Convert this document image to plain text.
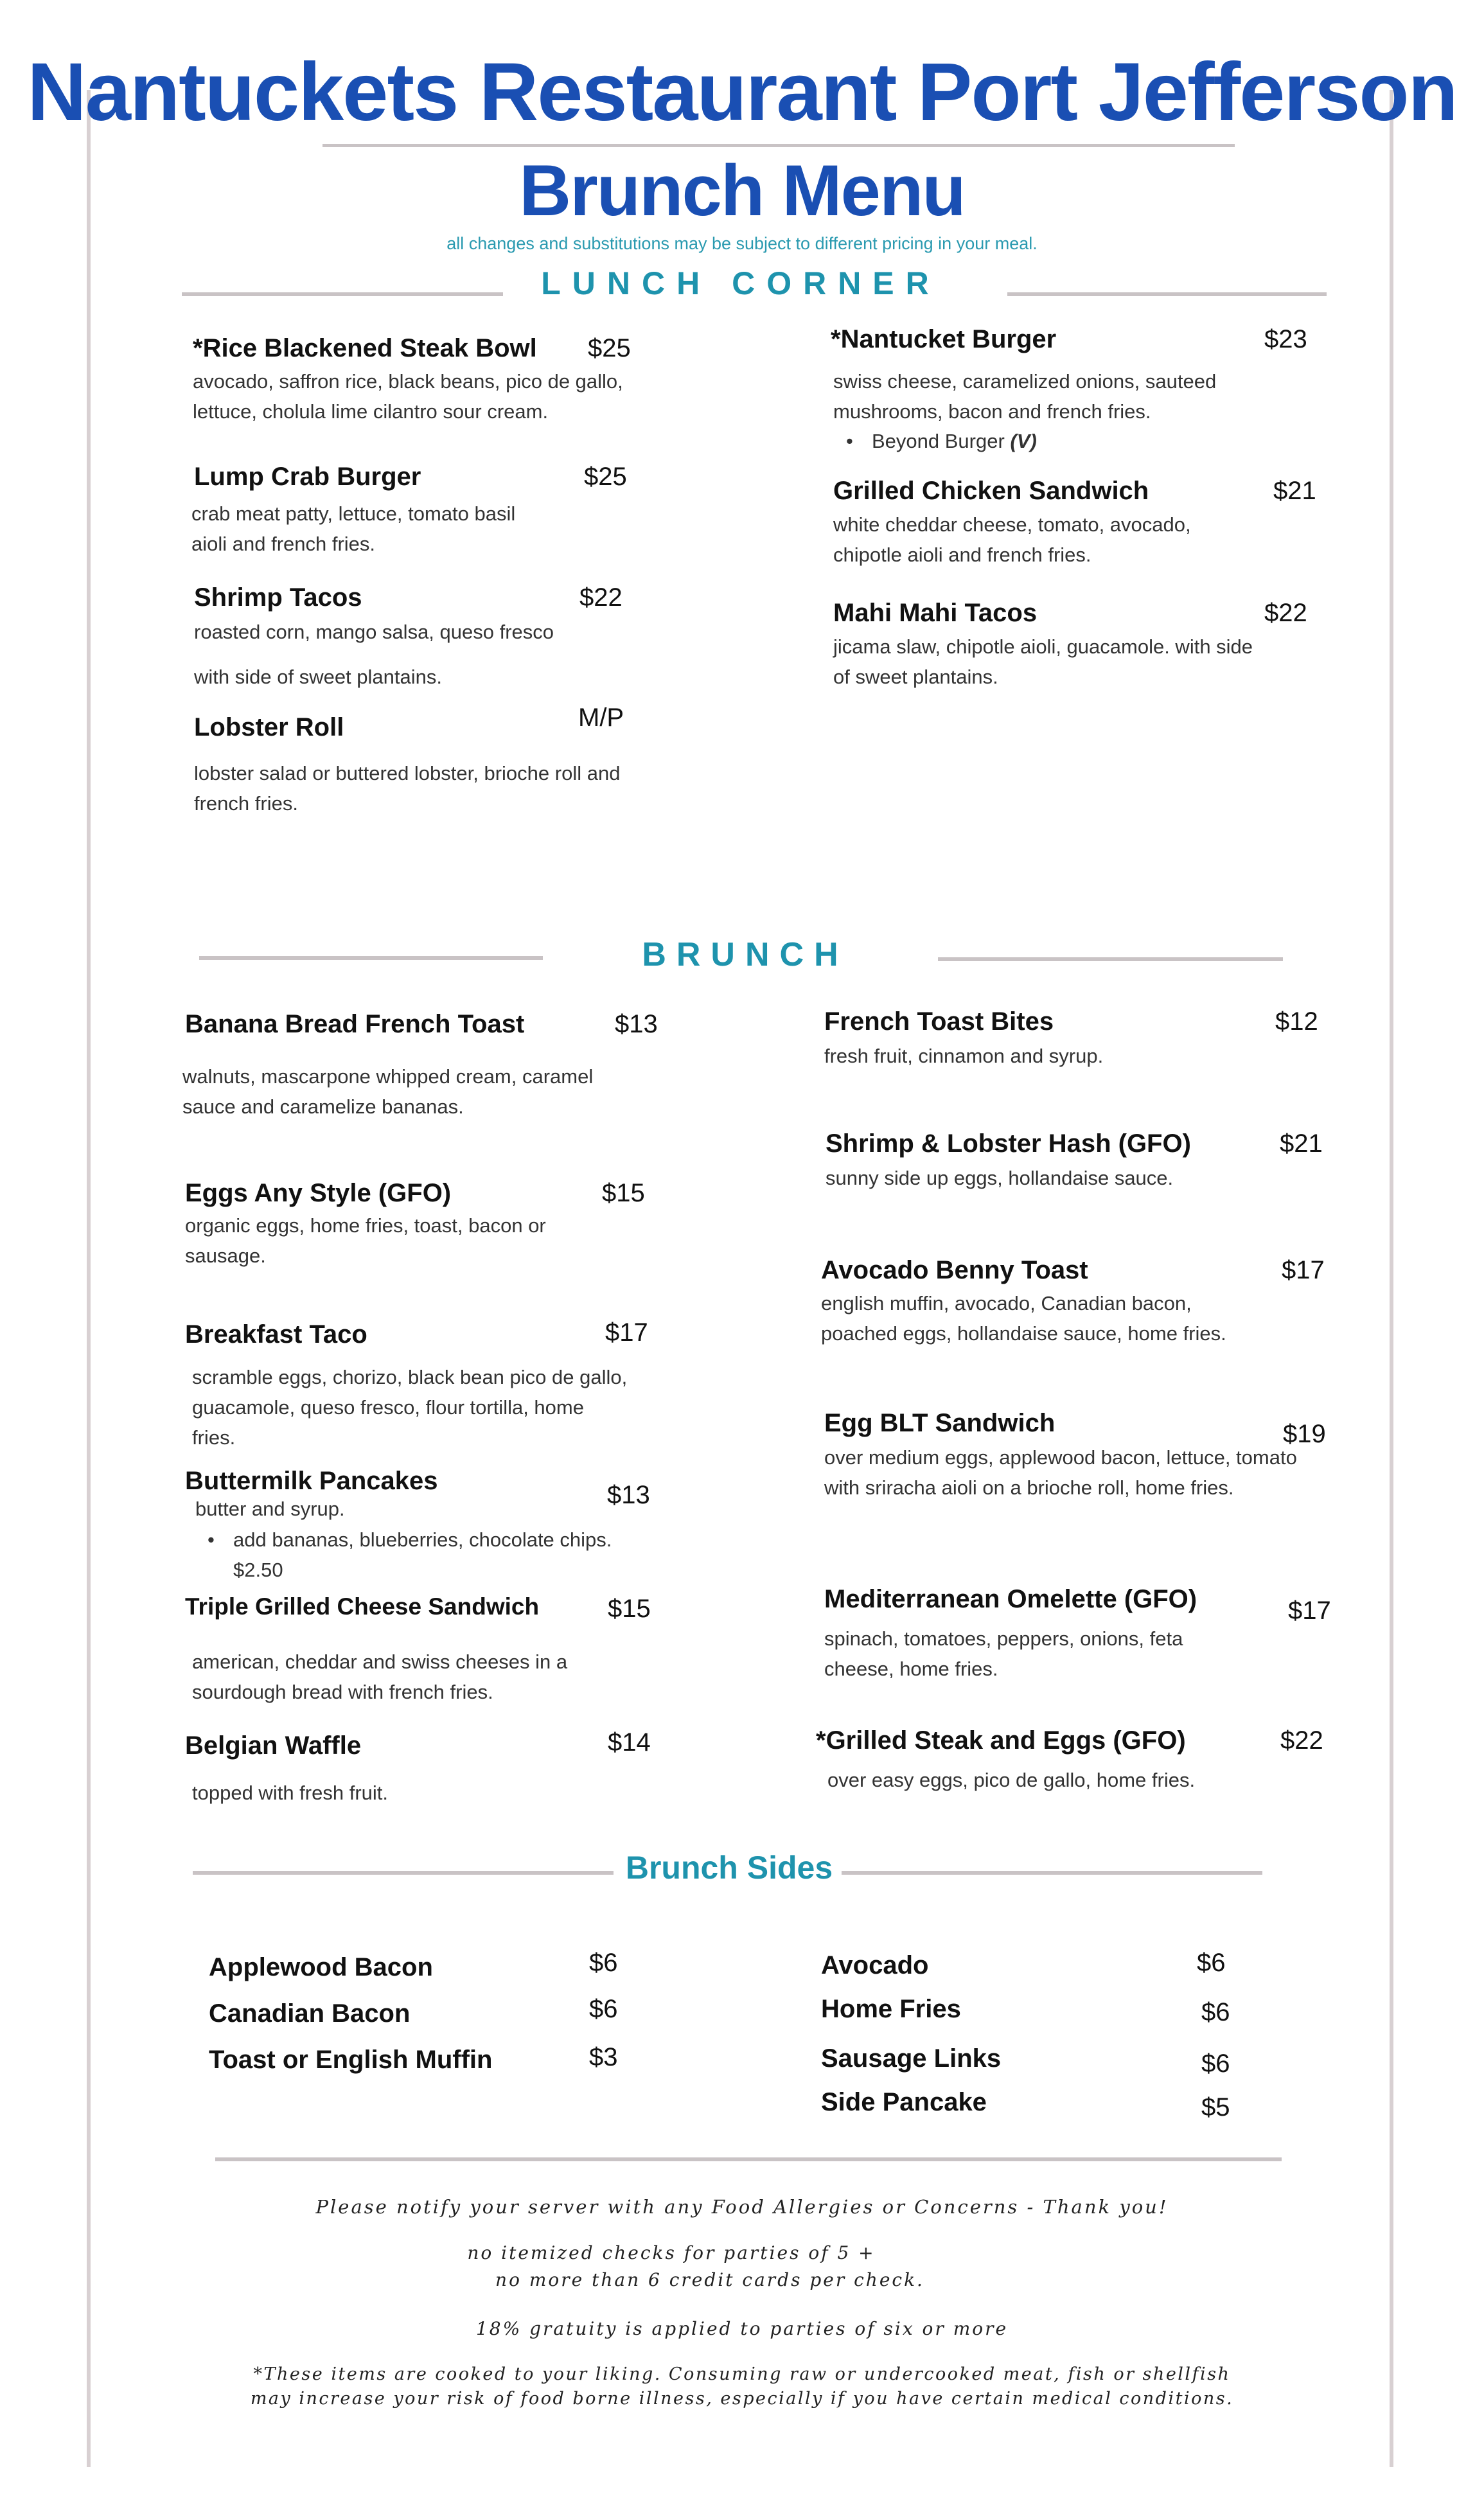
Nantuckets Restaurant Port Jefferson
Brunch Menu
all changes and substitutions may be subject to different pricing in your meal.
LUNCH CORNER
*Rice Blackened Steak Bowl $25
avocado, saffron rice, black beans, pico de gallo, lettuce, cholula lime cilantro sour cream.
Lump Crab Burger	$25
crab meat patty, lettuce, tomato basil aioli and french fries.
Shrimp Tacos	$22
roasted corn, mango salsa, queso fresco
with side of sweet plantains.
Lobster Roll	M/P
lobster salad or buttered lobster, brioche roll and french fries.
*Nantucket Burger	$23
swiss cheese, caramelized onions, sauteed mushrooms, bacon and french fries.
• Beyond Burger (V)
Grilled Chicken Sandwich	$21
white cheddar cheese, tomato, avocado, chipotle aioli and french fries.
Mahi Mahi Tacos	$22
jicama slaw, chipotle aioli, guacamole. with side of sweet plantains.
BRUNCH
Banana Bread French Toast	$13
walnuts, mascarpone whipped cream, caramel sauce and caramelize bananas.
Eggs Any Style (GFO)	$15
organic eggs, home fries, toast, bacon or sausage.
Breakfast Taco	$17
scramble eggs, chorizo, black bean pico de gallo, guacamole, queso fresco, flour tortilla, home fries.
Buttermilk Pancakes	$13
butter and syrup.
• add bananas, blueberries, chocolate chips.
$2.50
Triple Grilled Cheese Sandwich	$15
american, cheddar and swiss cheeses in a sourdough bread with french fries.
Belgian Waffle	$14
topped with fresh fruit.
French Toast Bites	$12
fresh fruit, cinnamon and syrup.
Shrimp & Lobster Hash (GFO)	$21
sunny side up eggs, hollandaise sauce.
Avocado Benny Toast	$17
english muffin, avocado, Canadian bacon, poached eggs, hollandaise sauce, home fries.
Egg BLT Sandwich	$19
over medium eggs, applewood bacon, lettuce, tomato with sriracha aioli on a brioche roll, home fries.
Mediterranean Omelette (GFO)	$17
spinach, tomatoes, peppers, onions, feta cheese, home fries.
*Grilled Steak and Eggs (GFO)	$22
over easy eggs, pico de gallo, home fries.
Brunch Sides
Applewood Bacon	$6
Canadian Bacon	$6
Toast or English Muffin	$3
Avocado	$6
Home Fries	$6
Sausage Links	$6
Side Pancake	$5
Please notify your server with any Food Allergies or Concerns - Thank you!
no itemized checks for parties of 5 +
no more than 6 credit cards per check.
18% gratuity is applied to parties of six or more
*These items are cooked to your liking. Consuming raw or undercooked meat, fish or shellfish
may increase your risk of food borne illness, especially if you have certain medical conditions.
